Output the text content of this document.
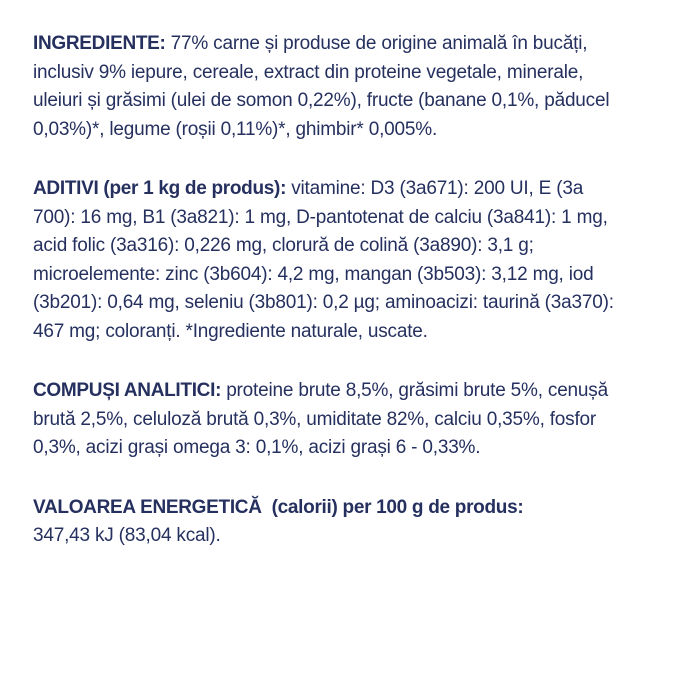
INGREDIENTE: 77% carne și produse de origine animală în bucăți,
inclusiv 9% iepure, cereale, extract din proteine vegetale, minerale,
uleiuri și grăsimi (ulei de somon 0,22%), fructe (banane 0,1%, păducel
0,03%)*, legume (roșii 0,11%)*, ghimbir* 0,005%.

ADITIVI (per 1 kg de produs): vitamine: D3 (3a671): 200 UI, E (3a
700): 16 mg, B1 (3a821): 1 mg, D-pantotenat de calciu (3a841): 1 mg,
acid folic (3a316): 0,226 mg, clorură de colină (3a890): 3,1 g;
microelemente: zinc (3b604): 4,2 mg, mangan (3b503): 3,12 mg, iod
(3b201): 0,64 mg, seleniu (3b801): 0,2 µg; aminoacizi: taurină (3a370):
467 mg; coloranți. *Ingrediente naturale, uscate.

COMPUȘI ANALITICI: proteine brute 8,5%, grăsimi brute 5%, cenușă
brută 2,5%, celuloză brută 0,3%, umiditate 82%, calciu 0,35%, fosfor
0,3%, acizi grași omega 3: 0,1%, acizi grași 6 - 0,33%.

VALOAREA ENERGETICĂ  (calorii) per 100 g de produs:
347,43 kJ (83,04 kcal).
